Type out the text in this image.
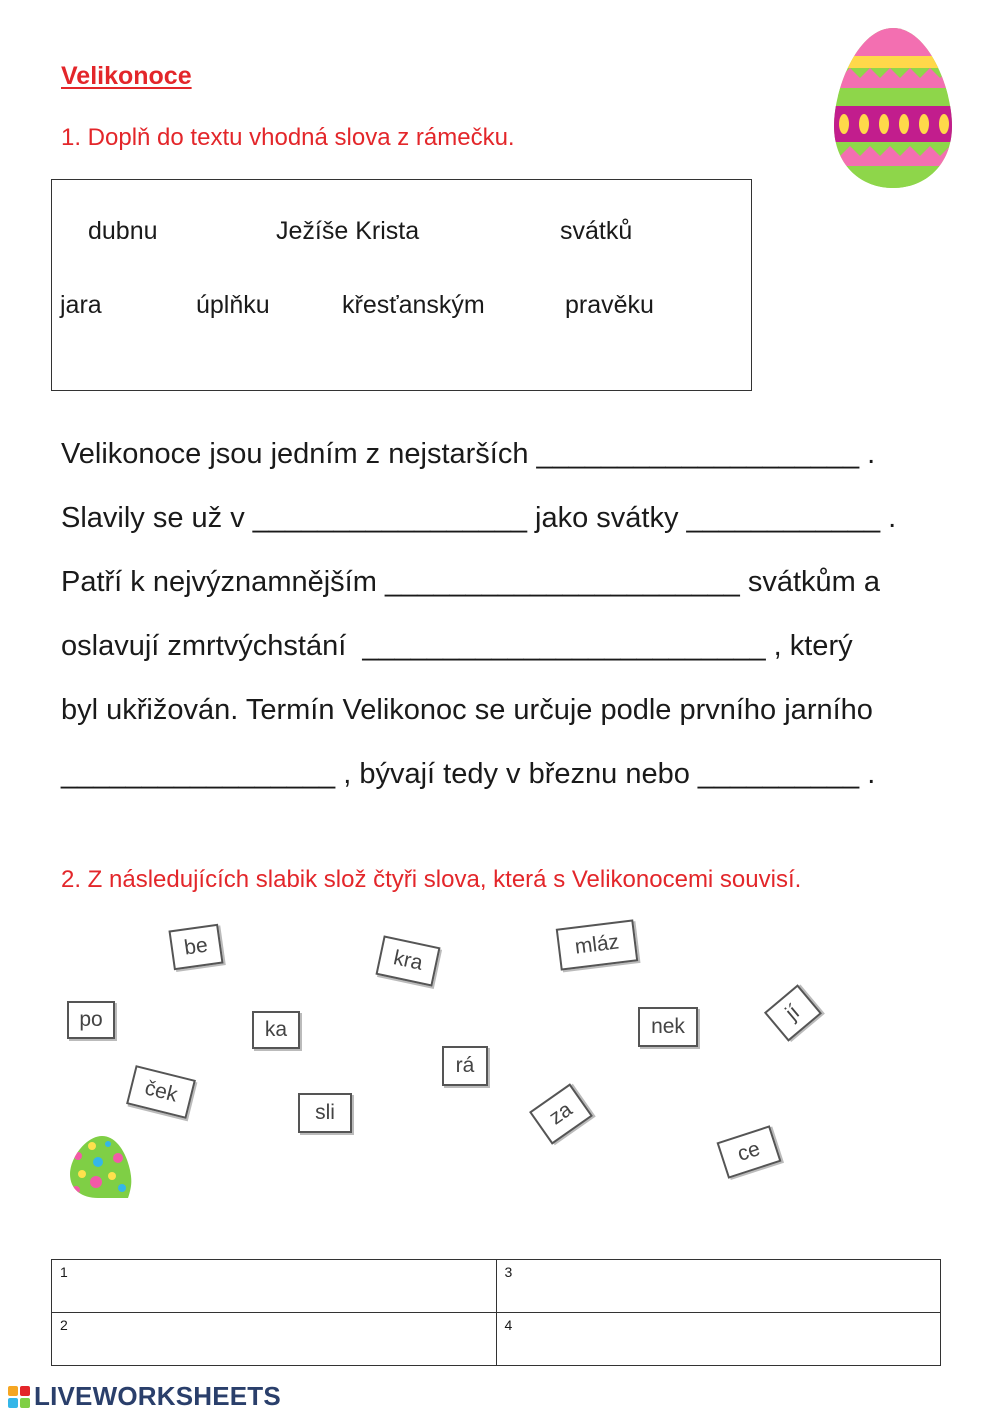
Velikonoce
1. Doplň do textu vhodná slova z rámečku.
dubnu	Ježíše Krista	svátků
jara	úplňku	křesťanským	pravěku
Velikonoce jsou jedním z nejstarších ____________________ .
Slavily se už v _________________ jako svátky ____________ .
Patří k nejvýznamnějším ______________________ svátkům a
oslavují zmrtvýchstání  _________________________ , který
byl ukřižován. Termín Velikonoc se určuje podle prvního jarního
_________________ , bývají tedy v březnu nebo __________ .
2. Z následujících slabik slož čtyři slova, která s Velikonocemi souvisí.
be	kra
mláz
po	ka	nek
jí
rá
ček
sli	za
ce
1	3
2	4
LIVEWORKSHEETS
